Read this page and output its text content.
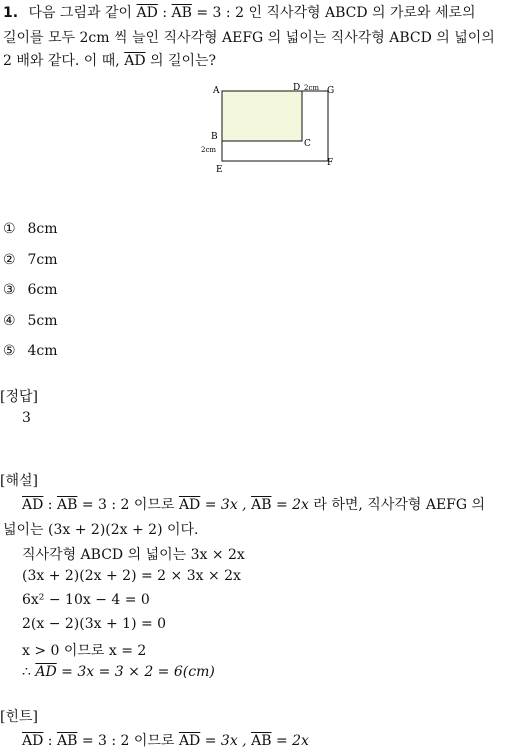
1. 다음 그림과 같이 $\overline{AD}$ : $\overline{AB} = 3$ : 2 인 직사각형 ABCD 의 가로와 세로의
길이를 모두 2cm 씩 늘인 직사각형 AEFG 의 넓이는 직사각형 ABCD 의 넓이의
2 배와 같다. 이 때, $\overline{AD}$ 의 길이는?
A	D 2cm G
B
C
2cm
E
F
① 8cm
② 7cm
③ 6cm
④ 5cm
⑤ 4cm
[정답]
3
[해설]
$\overline{AD}$ : $\overline{AB} = 3$ : 2 이므로 $\overline{AD} = 3x$ , $\overline{AB} = 2x$ 라 하면, 직사각형 AEFG 의
넓이는 (3x + 2)(2x + 2) 이다.
직사각형 ABCD 의 넓이는 3x × 2x
(3x + 2)(2x + 2) = 2 × 3x × 2x
6x² − 10x − 4 = 0
2(x − 2)(3x + 1) = 0
x > 0 이므로 x = 2
∴ $\overline{AD} = 3x = 3 \times 2 = 6(cm)$
[힌트]
$\overline{AD}$ : $\overline{AB} = 3$ : 2 이므로 $\overline{AD} = 3x$ , $\overline{AB} = 2x$
